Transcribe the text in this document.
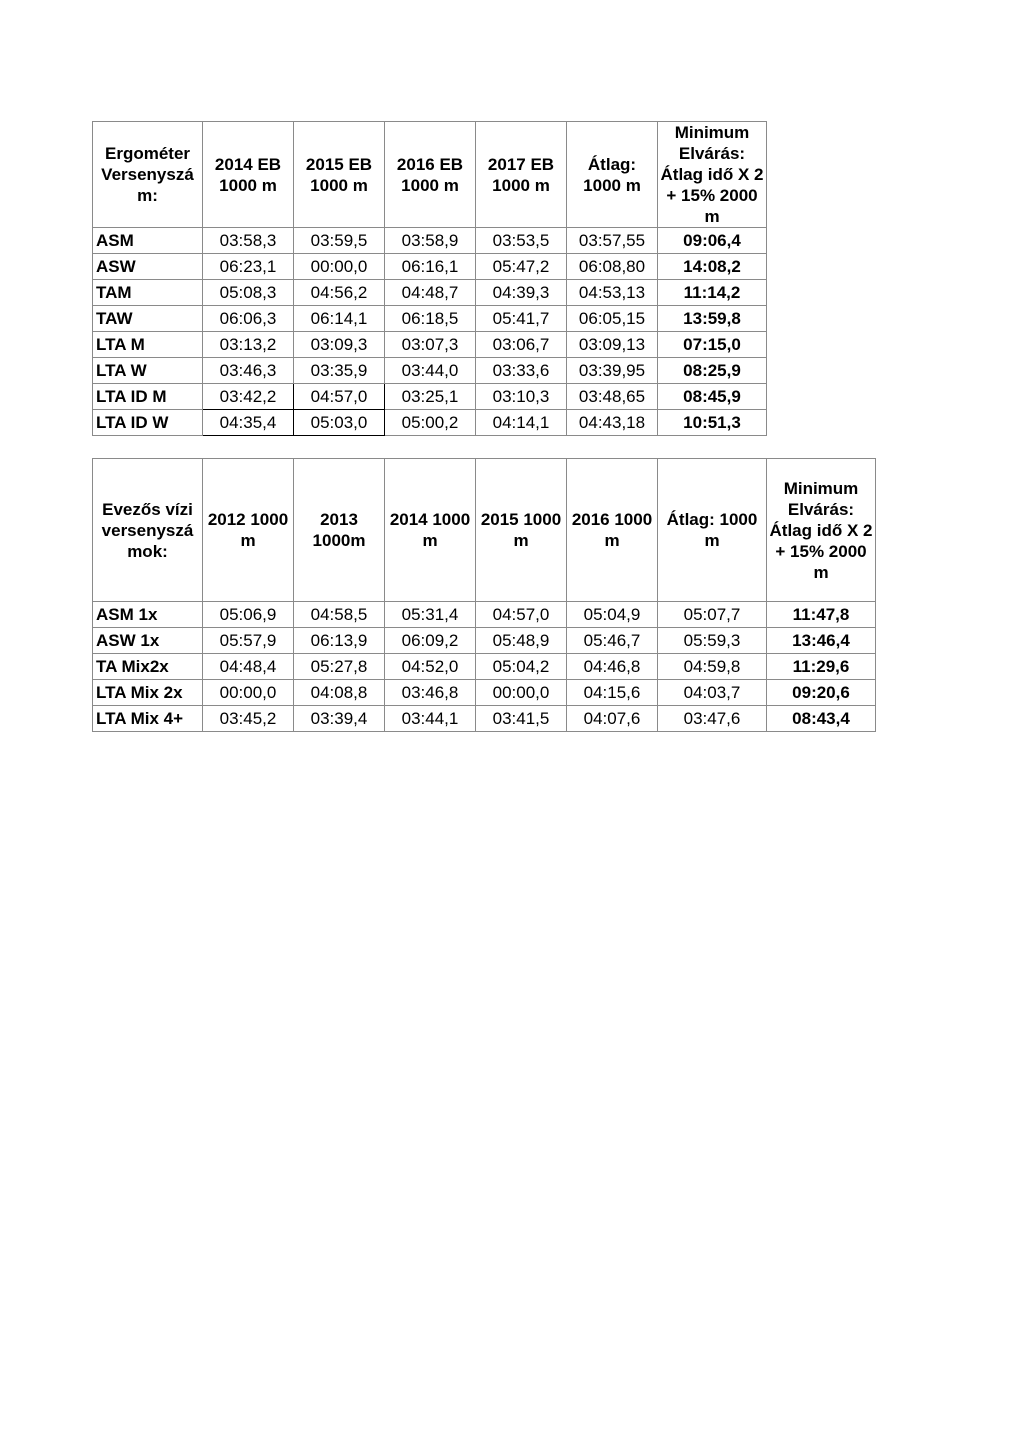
Ergométer Versenyszá m:	2014 EB 1000 m	2015 EB 1000 m	2016 EB 1000 m	2017 EB 1000 m	Átlag: 1000 m	Minimum Elvárás: Átlag idő X 2 + 15% 2000 m
ASM	03:58,3	03:59,5	03:58,9	03:53,5	03:57,55	09:06,4
ASW	06:23,1	00:00,0	06:16,1	05:47,2	06:08,80	14:08,2
TAM	05:08,3	04:56,2	04:48,7	04:39,3	04:53,13	11:14,2
TAW	06:06,3	06:14,1	06:18,5	05:41,7	06:05,15	13:59,8
LTA M	03:13,2	03:09,3	03:07,3	03:06,7	03:09,13	07:15,0
LTA W	03:46,3	03:35,9	03:44,0	03:33,6	03:39,95	08:25,9
LTA ID M	03:42,2	04:57,0	03:25,1	03:10,3	03:48,65	08:45,9
LTA ID W	04:35,4	05:03,0	05:00,2	04:14,1	04:43,18	10:51,3
Evezős vízi versenyszá mok:	2012 1000 m	2013 1000m	2014 1000 m	2015 1000 m	2016 1000 m	Átlag: 1000 m	Minimum Elvárás: Átlag idő X 2 + 15% 2000 m
ASM 1x	05:06,9	04:58,5	05:31,4	04:57,0	05:04,9	05:07,7	11:47,8
ASW 1x	05:57,9	06:13,9	06:09,2	05:48,9	05:46,7	05:59,3	13:46,4
TA Mix2x	04:48,4	05:27,8	04:52,0	05:04,2	04:46,8	04:59,8	11:29,6
LTA Mix 2x	00:00,0	04:08,8	03:46,8	00:00,0	04:15,6	04:03,7	09:20,6
LTA Mix 4+	03:45,2	03:39,4	03:44,1	03:41,5	04:07,6	03:47,6	08:43,4
